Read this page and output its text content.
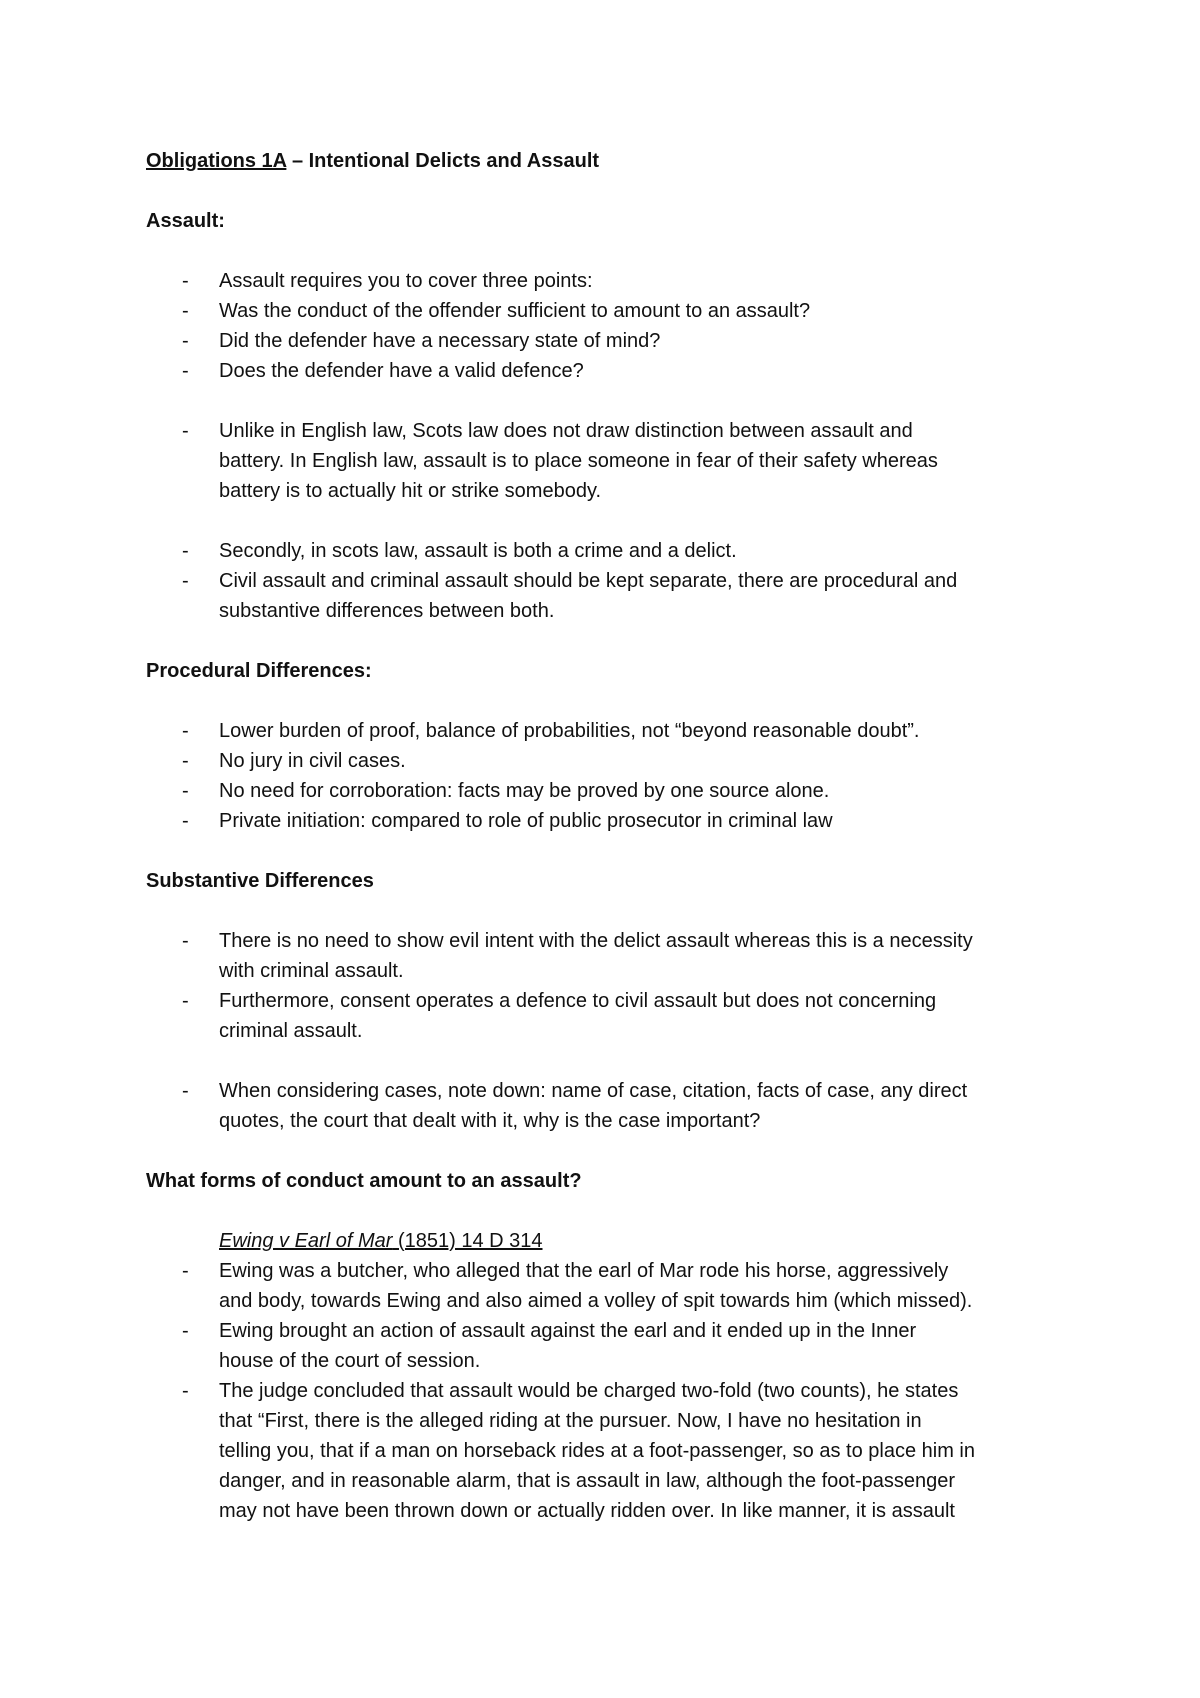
Obligations 1A – Intentional Delicts and Assault

Assault:

- Assault requires you to cover three points:
- Was the conduct of the offender sufficient to amount to an assault?
- Did the defender have a necessary state of mind?
- Does the defender have a valid defence?
- Unlike in English law, Scots law does not draw distinction between assault and
battery. In English law, assault is to place someone in fear of their safety whereas
battery is to actually hit or strike somebody.
- Secondly, in scots law, assault is both a crime and a delict.
- Civil assault and criminal assault should be kept separate, there are procedural and
substantive differences between both.

Procedural Differences:

- Lower burden of proof, balance of probabilities, not “beyond reasonable doubt”.
- No jury in civil cases.
- No need for corroboration: facts may be proved by one source alone.
- Private initiation: compared to role of public prosecutor in criminal law

Substantive Differences

- There is no need to show evil intent with the delict assault whereas this is a necessity
with criminal assault.
- Furthermore, consent operates a defence to civil assault but does not concerning
criminal assault.
- When considering cases, note down: name of case, citation, facts of case, any direct
quotes, the court that dealt with it, why is the case important?

What forms of conduct amount to an assault?

Ewing v Earl of Mar (1851) 14 D 314

- Ewing was a butcher, who alleged that the earl of Mar rode his horse, aggressively
and body, towards Ewing and also aimed a volley of spit towards him (which missed).
- Ewing brought an action of assault against the earl and it ended up in the Inner
house of the court of session.
- The judge concluded that assault would be charged two-fold (two counts), he states
that “First, there is the alleged riding at the pursuer. Now, I have no hesitation in
telling you, that if a man on horseback rides at a foot-passenger, so as to place him in
danger, and in reasonable alarm, that is assault in law, although the foot-passenger
may not have been thrown down or actually ridden over. In like manner, it is assault
